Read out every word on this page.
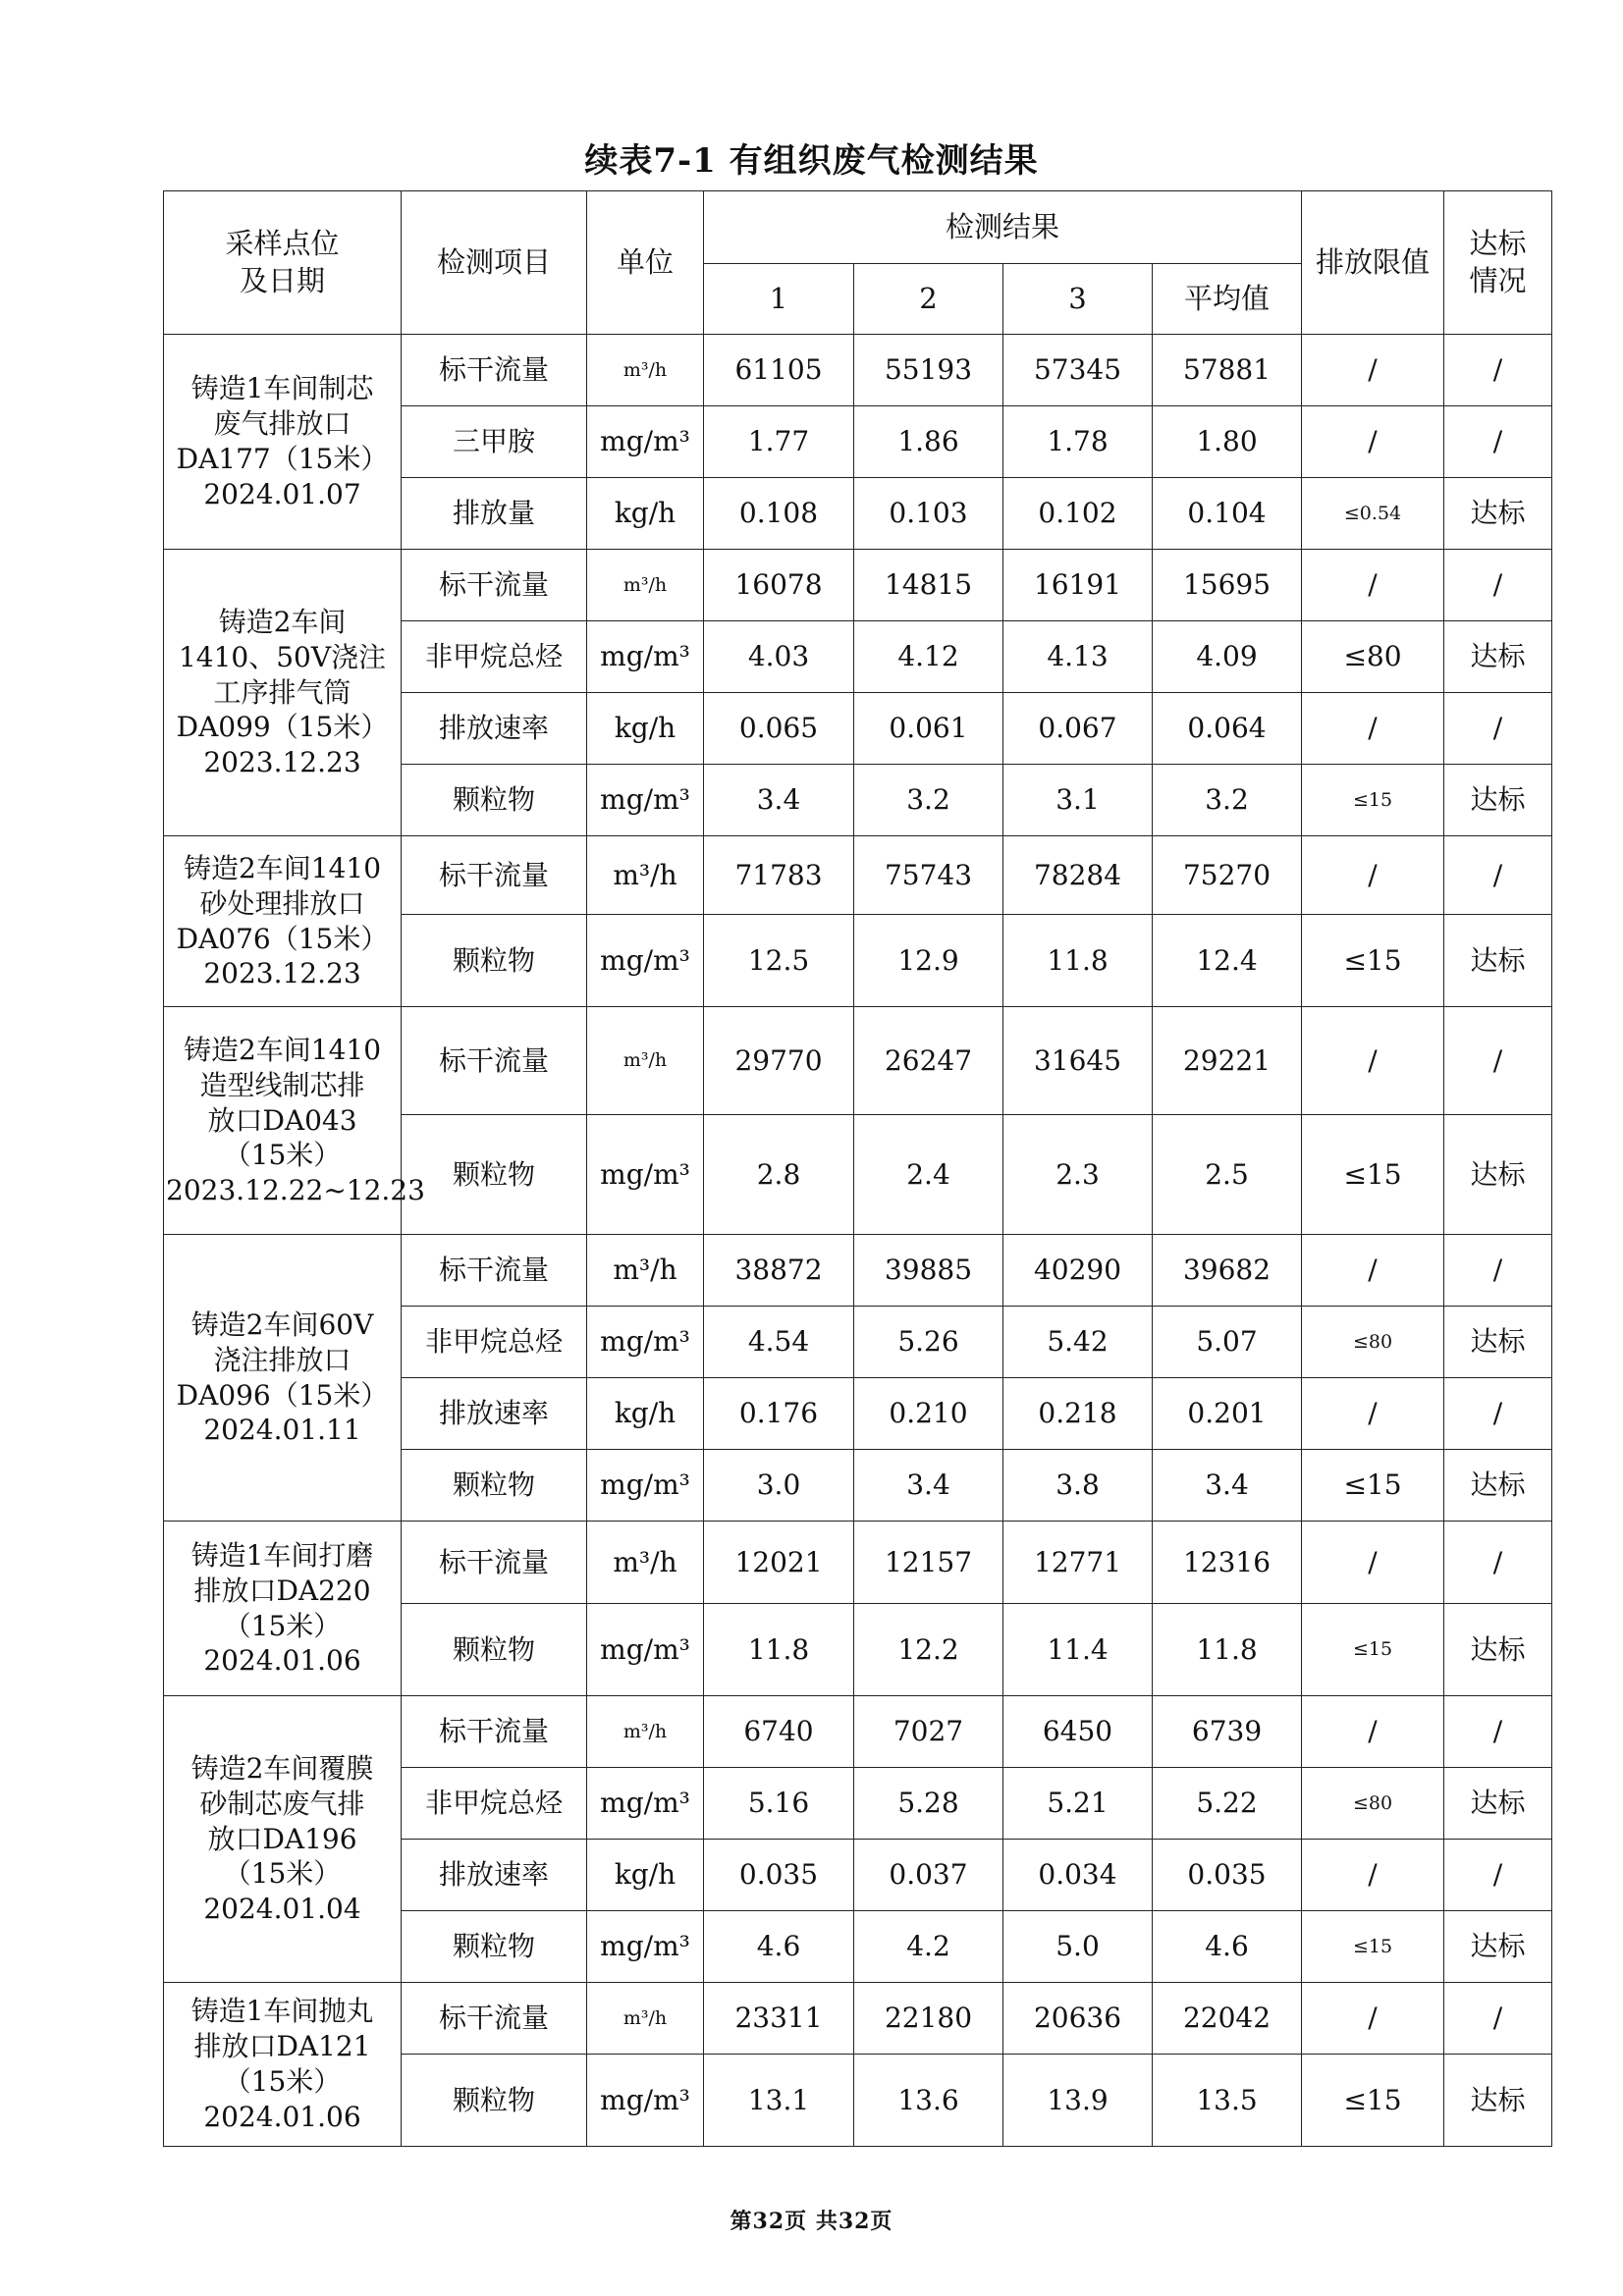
续表7-1 有组织废气检测结果
采样点位
及日期	检测项目	单位	检测结果				排放限值	达标
情况
			1	2	3	平均值		
铸造1车间制芯
废气排放口
DA177（15米）
2024.01.07	标干流量	m³/h	61105	55193	57345	57881	/	/
	三甲胺	mg/m³	1.77	1.86	1.78	1.80	/	/
	排放量	kg/h	0.108	0.103	0.102	0.104	≤0.54	达标
铸造2车间
1410、50V浇注
工序排气筒
DA099（15米）
2023.12.23	标干流量	m³/h	16078	14815	16191	15695	/	/
	非甲烷总烃	mg/m³	4.03	4.12	4.13	4.09	≤80	达标
	排放速率	kg/h	0.065	0.061	0.067	0.064	/	/
	颗粒物	mg/m³	3.4	3.2	3.1	3.2	≤15	达标
铸造2车间1410
砂处理排放口
DA076（15米）
2023.12.23	标干流量	m³/h	71783	75743	78284	75270	/	/
	颗粒物	mg/m³	12.5	12.9	11.8	12.4	≤15	达标
铸造2车间1410
造型线制芯排
放口DA043
（15米）
2023.12.22~12.23	标干流量	m³/h	29770	26247	31645	29221	/	/
	颗粒物	mg/m³	2.8	2.4	2.3	2.5	≤15	达标
铸造2车间60V
浇注排放口
DA096（15米）
2024.01.11	标干流量	m³/h	38872	39885	40290	39682	/	/
	非甲烷总烃	mg/m³	4.54	5.26	5.42	5.07	≤80	达标
	排放速率	kg/h	0.176	0.210	0.218	0.201	/	/
	颗粒物	mg/m³	3.0	3.4	3.8	3.4	≤15	达标
铸造1车间打磨
排放口DA220
（15米）
2024.01.06	标干流量	m³/h	12021	12157	12771	12316	/	/
	颗粒物	mg/m³	11.8	12.2	11.4	11.8	≤15	达标
铸造2车间覆膜
砂制芯废气排
放口DA196
（15米）
2024.01.04	标干流量	m³/h	6740	7027	6450	6739	/	/
	非甲烷总烃	mg/m³	5.16	5.28	5.21	5.22	≤80	达标
	排放速率	kg/h	0.035	0.037	0.034	0.035	/	/
	颗粒物	mg/m³	4.6	4.2	5.0	4.6	≤15	达标
铸造1车间抛丸
排放口DA121
（15米）
2024.01.06	标干流量	m³/h	23311	22180	20636	22042	/	/
	颗粒物	mg/m³	13.1	13.6	13.9	13.5	≤15	达标
第32页 共32页
